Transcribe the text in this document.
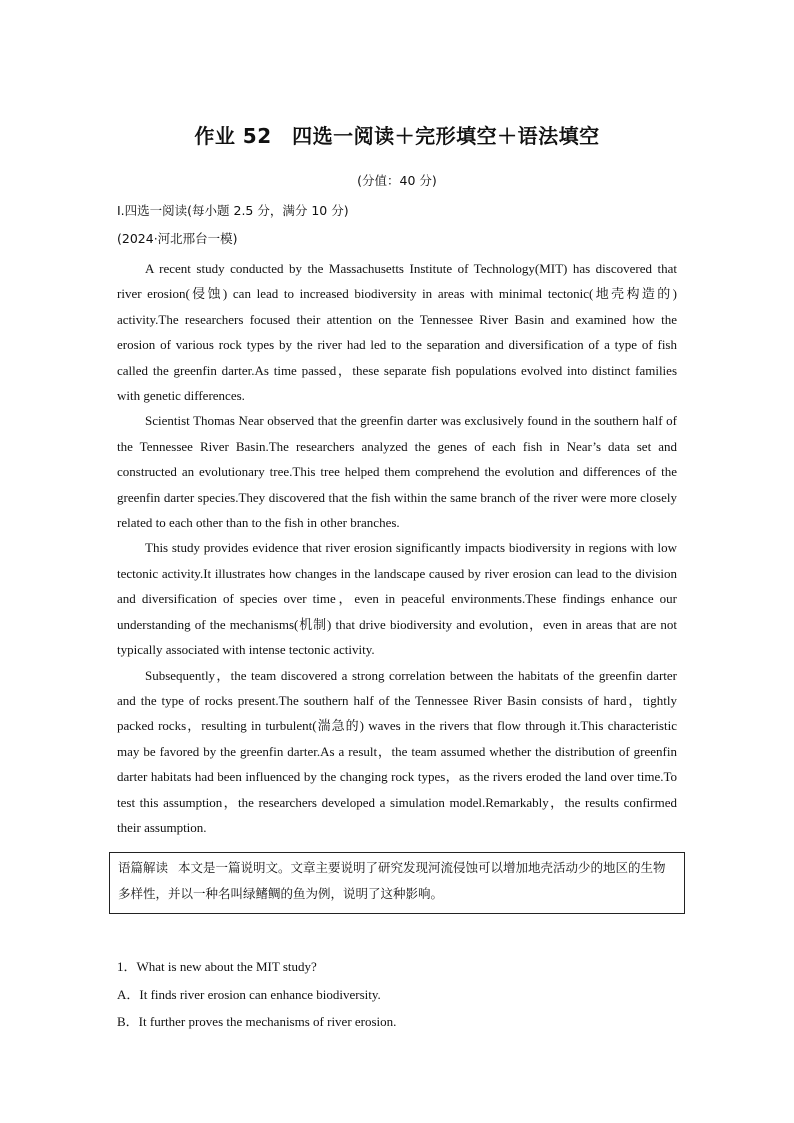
作业 52　四选一阅读＋完形填空＋语法填空
(分值：40 分)
Ⅰ.四选一阅读(每小题 2.5 分，满分 10 分)
(2024·河北邢台一模)

A recent study conducted by the Massachusetts Institute of Technology(MIT) has discovered that river erosion(侵蚀) can lead to increased biodiversity in areas with minimal tectonic(地壳构造的) activity.The researchers focused their attention on the Tennessee River Basin and examined how the erosion of various rock types by the river had led to the separation and diversification of a type of fish called the greenfin darter.As time passed，these separate fish populations evolved into distinct families with genetic differences.

Scientist Thomas Near observed that the greenfin darter was exclusively found in the southern half of the Tennessee River Basin.The researchers analyzed the genes of each fish in Near’s data set and constructed an evolutionary tree.This tree helped them comprehend the evolution and differences of the greenfin darter species.They discovered that the fish within the same branch of the river were more closely related to each other than to the fish in other branches.

This study provides evidence that river erosion significantly impacts biodiversity in regions with low tectonic activity.It illustrates how changes in the landscape caused by river erosion can lead to the division and diversification of species over time，even in peaceful environments.These findings enhance our understanding of the mechanisms(机制) that drive biodiversity and evolution，even in areas that are not typically associated with intense tectonic activity.

Subsequently，the team discovered a strong correlation between the habitats of the greenfin darter and the type of rocks present.The southern half of the Tennessee River Basin consists of hard，tightly packed rocks，resulting in turbulent(湍急的) waves in the rivers that flow through it.This characteristic may be favored by the greenfin darter.As a result，the team assumed whether the distribution of greenfin darter habitats had been influenced by the changing rock types，as the rivers eroded the land over time.To test this assumption，the researchers developed a simulation model.Remarkably，the results confirmed their assumption.

语篇解读 本文是一篇说明文。文章主要说明了研究发现河流侵蚀可以增加地壳活动少的地区的生物多样性，并以一种名叫绿鳍鲷的鱼为例，说明了这种影响。
1．What is new about the MIT study?
A．It finds river erosion can enhance biodiversity.
B．It further proves the mechanisms of river erosion.
